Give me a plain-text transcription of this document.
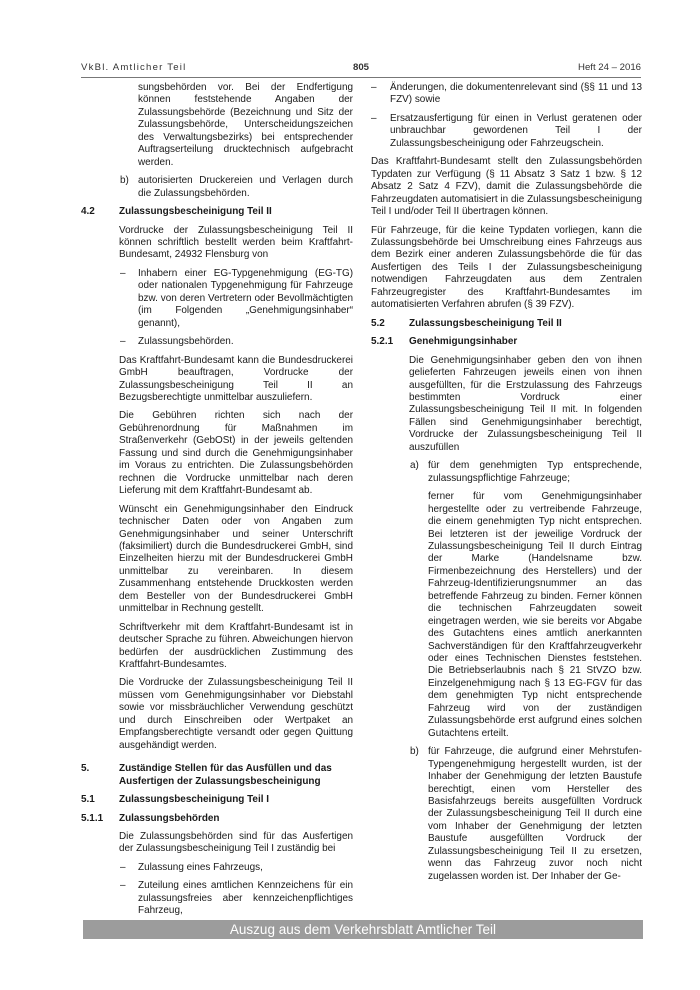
VkBl. Amtlicher Teil	805	Heft 24 – 2016
sungsbehörden vor. Bei der Endfertigung können feststehende Angaben der Zulassungsbehörde (Bezeichnung und Sitz der Zulassungsbehörde, Unterscheidungszeichen des Verwaltungsbezirks) bei entsprechender Auftragserteilung drucktechnisch aufgebracht werden.
b) autorisierten Druckereien und Verlagen durch die Zulassungsbehörden.
4.2 Zulassungsbescheinigung Teil II

Vordrucke der Zulassungsbescheinigung Teil II können schriftlich bestellt werden beim Kraftfahrt-Bundesamt, 24932 Flensburg von

– Inhabern einer EG-Typgenehmigung (EG-TG) oder nationalen Typgenehmigung für Fahrzeuge bzw. von deren Vertretern oder Bevollmächtigten (im Folgenden „Genehmigungsinhaber“ genannt),
– Zulassungsbehörden.

Das Kraftfahrt-Bundesamt kann die Bundesdruckerei GmbH beauftragen, Vordrucke der Zulassungsbescheinigung Teil II an Bezugsberechtigte unmittelbar auszuliefern.

Die Gebühren richten sich nach der Gebührenordnung für Maßnahmen im Straßenverkehr (GebOSt) in der jeweils geltenden Fassung und sind durch die Genehmigungsinhaber im Voraus zu entrichten. Die Zulassungsbehörden rechnen die Vordrucke unmittelbar nach deren Lieferung mit dem Kraftfahrt-Bundesamt ab.

Wünscht ein Genehmigungsinhaber den Eindruck technischer Daten oder von Angaben zum Genehmigungsinhaber und seiner Unterschrift (faksimiliert) durch die Bundesdruckerei GmbH, sind Einzelheiten hierzu mit der Bundesdruckerei GmbH unmittelbar zu vereinbaren. In diesem Zusammenhang entstehende Druckkosten werden dem Besteller von der Bundesdruckerei GmbH unmittelbar in Rechnung gestellt.

Schriftverkehr mit dem Kraftfahrt-Bundesamt ist in deutscher Sprache zu führen. Abweichungen hiervon bedürfen der ausdrücklichen Zustimmung des Kraftfahrt-Bundesamtes.

Die Vordrucke der Zulassungsbescheinigung Teil II müssen vom Genehmigungsinhaber vor Diebstahl sowie vor missbräuchlicher Verwendung geschützt und durch Einschreiben oder Wertpaket an Empfangsberechtigte versandt oder gegen Quittung ausgehändigt werden.

5.	Zuständige Stellen für das Ausfüllen und das Ausfertigen der Zulassungsbescheinigung
5.1 Zulassungsbescheinigung Teil I
5.1.1 Zulassungsbehörden

Die Zulassungsbehörden sind für das Ausfertigen der Zulassungsbescheinigung Teil I zuständig bei

– Zulassung eines Fahrzeugs,
– Zuteilung eines amtlichen Kennzeichens für ein zulassungsfreies aber kennzeichenpflichtiges Fahrzeug,
– Änderungen, die dokumentenrelevant sind (§§ 11 und 13 FZV) sowie
– Ersatzausfertigung für einen in Verlust geratenen oder unbrauchbar gewordenen Teil I der Zulassungsbescheinigung oder Fahrzeugschein.

Das Kraftfahrt-Bundesamt stellt den Zulassungsbehörden Typdaten zur Verfügung (§ 11 Absatz 3 Satz 1 bzw. § 12 Absatz 2 Satz 4 FZV), damit die Zulassungsbehörde die Fahrzeugdaten automatisiert in die Zulassungsbescheinigung Teil I und/oder Teil II übertragen können.

Für Fahrzeuge, für die keine Typdaten vorliegen, kann die Zulassungsbehörde bei Umschreibung eines Fahrzeugs aus dem Bezirk einer anderen Zulassungsbehörde die für das Ausfertigen des Teils I der Zulassungsbescheinigung notwendigen Fahrzeugdaten aus dem Zentralen Fahrzeugregister des Kraftfahrt-Bundesamtes im automatisierten Verfahren abrufen (§ 39 FZV).

5.2 Zulassungsbescheinigung Teil II
5.2.1 Genehmigungsinhaber

Die Genehmigungsinhaber geben den von ihnen gelieferten Fahrzeugen jeweils einen von ihnen ausgefüllten, für die Erstzulassung des Fahrzeugs bestimmten Vordruck einer Zulassungsbescheinigung Teil II mit. In folgenden Fällen sind Genehmigungsinhaber berechtigt, Vordrucke der Zulassungsbescheinigung Teil II auszufüllen

a) für dem genehmigten Typ entsprechende, zulassungspflichtige Fahrzeuge;

ferner für vom Genehmigungsinhaber hergestellte oder zu vertreibende Fahrzeuge, die einem genehmigten Typ nicht entsprechen. Bei letzteren ist der jeweilige Vordruck der Zulassungsbescheinigung Teil II durch Eintrag der Marke (Handelsname bzw. Firmenbezeichnung des Herstellers) und der Fahrzeug-Identifizierungsnummer an das betreffende Fahrzeug zu binden. Ferner können die technischen Fahrzeugdaten soweit eingetragen werden, wie sie bereits vor Abgabe des Gutachtens eines amtlich anerkannten Sachverständigen für den Kraftfahrzeugverkehr oder eines Technischen Dienstes feststehen. Die Betriebserlaubnis nach § 21 StVZO bzw. Einzelgenehmigung nach § 13 EG-FGV für das dem genehmigten Typ nicht entsprechende Fahrzeug wird von der zuständigen Zulassungsbehörde erst aufgrund eines solchen Gutachtens erteilt.

b) für Fahrzeuge, die aufgrund einer Mehrstufen-Typengenehmigung hergestellt wurden, ist der Inhaber der Genehmigung der letzten Baustufe berechtigt, einen vom Hersteller des Basisfahrzeugs bereits ausgefüllten Vordruck der Zulassungsbescheinigung Teil II durch eine vom Inhaber der Genehmigung der letzten Baustufe ausgefüllten Vordruck der Zulassungsbescheinigung Teil II zu ersetzen, wenn das Fahrzeug zuvor noch nicht zugelassen worden ist. Der Inhaber der Ge-
Auszug aus dem Verkehrsblatt Amtlicher Teil
